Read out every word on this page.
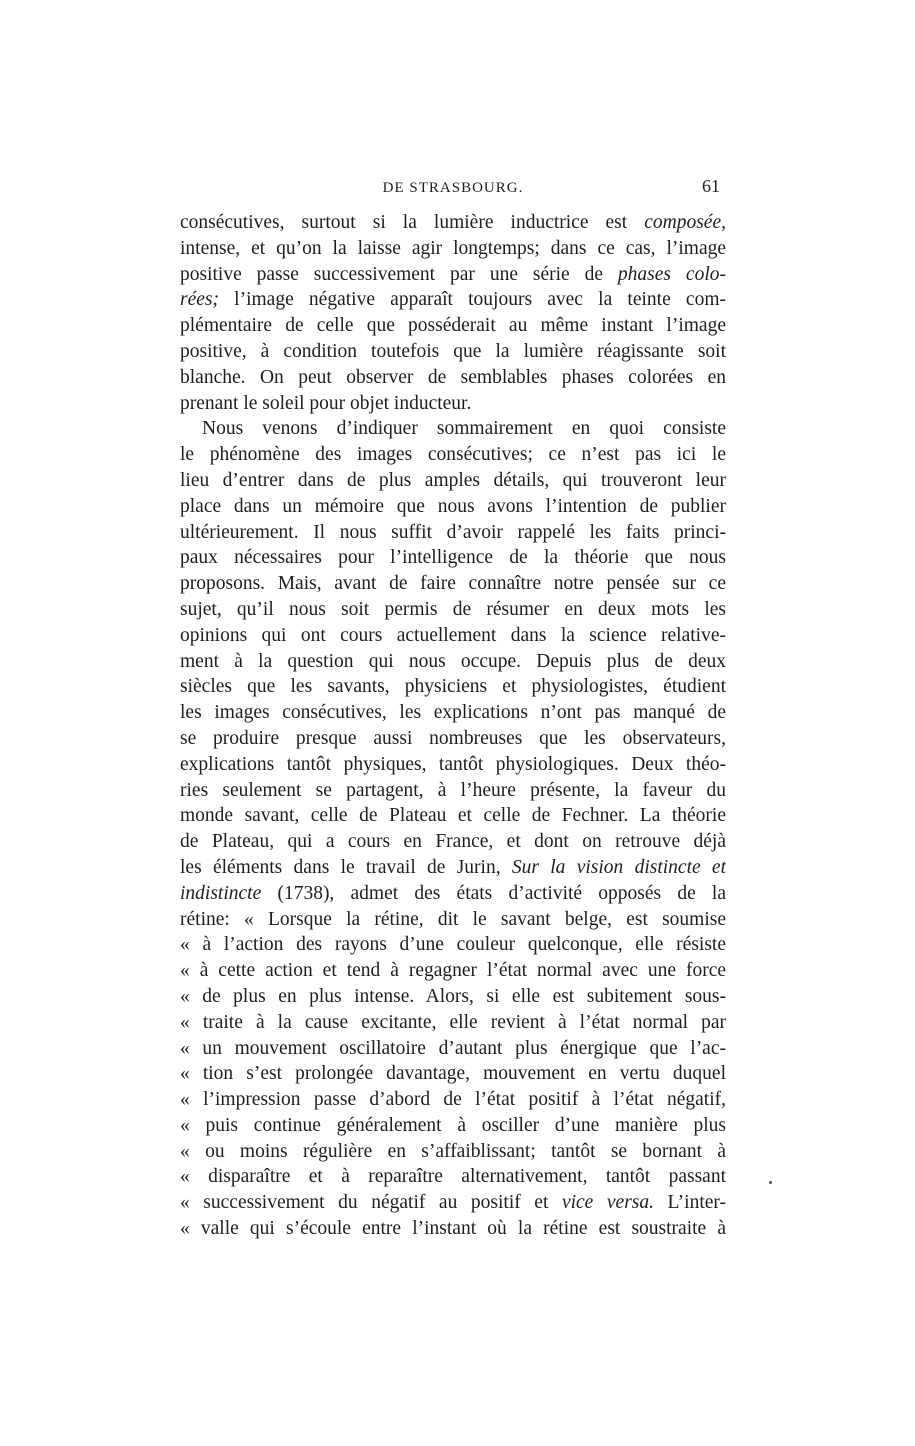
DE STRASBOURG.	61
consécutives, surtout si la lumière inductrice est composée,
intense, et qu’on la laisse agir longtemps; dans ce cas, l’image
positive passe successivement par une série de phases colo-
rées; l’image négative apparaît toujours avec la teinte com-
plémentaire de celle que posséderait au même instant l’image
positive, à condition toutefois que la lumière réagissante soit
blanche. On peut observer de semblables phases colorées en
prenant le soleil pour objet inducteur.
Nous venons d’indiquer sommairement en quoi consiste
le phénomène des images consécutives; ce n’est pas ici le
lieu d’entrer dans de plus amples détails, qui trouveront leur
place dans un mémoire que nous avons l’intention de publier
ultérieurement. Il nous suffit d’avoir rappelé les faits princi-
paux nécessaires pour l’intelligence de la théorie que nous
proposons. Mais, avant de faire connaître notre pensée sur ce
sujet, qu’il nous soit permis de résumer en deux mots les
opinions qui ont cours actuellement dans la science relative-
ment à la question qui nous occupe. Depuis plus de deux
siècles que les savants, physiciens et physiologistes, étudient
les images consécutives, les explications n’ont pas manqué de
se produire presque aussi nombreuses que les observateurs,
explications tantôt physiques, tantôt physiologiques. Deux théo-
ries seulement se partagent, à l’heure présente, la faveur du
monde savant, celle de Plateau et celle de Fechner. La théorie
de Plateau, qui a cours en France, et dont on retrouve déjà
les éléments dans le travail de Jurin, Sur la vision distincte et
indistincte (1738), admet des états d’activité opposés de la
rétine: « Lorsque la rétine, dit le savant belge, est soumise
« à l’action des rayons d’une couleur quelconque, elle résiste
« à cette action et tend à regagner l’état normal avec une force
« de plus en plus intense. Alors, si elle est subitement sous-
« traite à la cause excitante, elle revient à l’état normal par
« un mouvement oscillatoire d’autant plus énergique que l’ac-
« tion s’est prolongée davantage, mouvement en vertu duquel
« l’impression passe d’abord de l’état positif à l’état négatif,
« puis continue généralement à osciller d’une manière plus
« ou moins régulière en s’affaiblissant; tantôt se bornant à
« disparaître et à reparaître alternativement, tantôt passant
« successivement du négatif au positif et vice versa. L’inter-
« valle qui s’écoule entre l’instant où la rétine est soustraite à
